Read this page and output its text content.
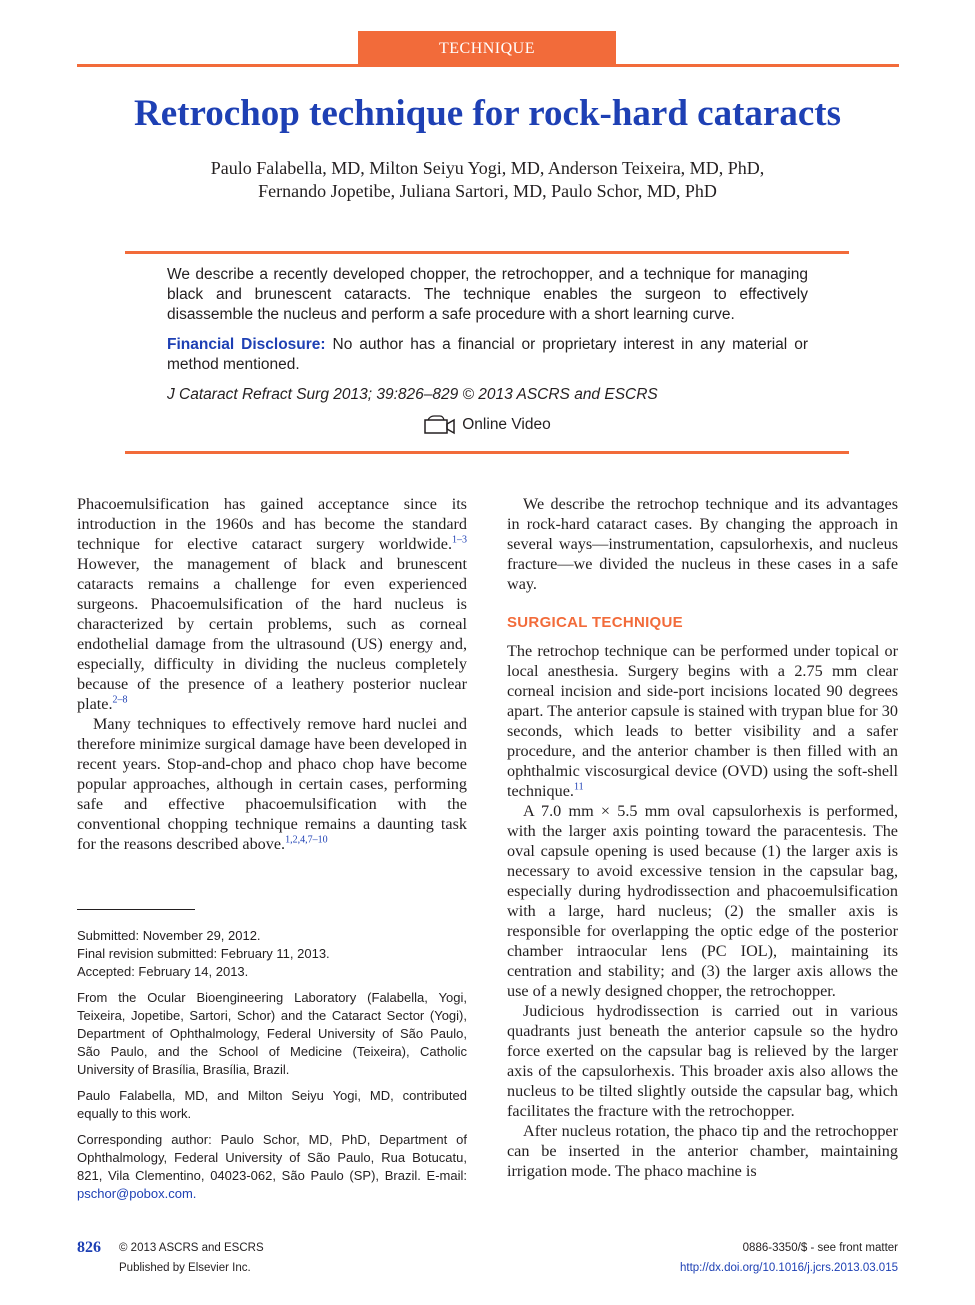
TECHNIQUE
Retrochop technique for rock-hard cataracts
Paulo Falabella, MD, Milton Seiyu Yogi, MD, Anderson Teixeira, MD, PhD,
Fernando Jopetibe, Juliana Sartori, MD, Paulo Schor, MD, PhD

We describe a recently developed chopper, the retrochopper, and a technique for managing black and brunescent cataracts. The technique enables the surgeon to effectively disassemble the nucleus and perform a safe procedure with a short learning curve.

Financial Disclosure: No author has a financial or proprietary interest in any material or method mentioned.

J Cataract Refract Surg 2013; 39:826–829 © 2013 ASCRS and ESCRS

Online Video

Phacoemulsification has gained acceptance since its introduction in the 1960s and has become the standard technique for elective cataract surgery worldwide.$^{1-3}$ However, the management of black and brunescent cataracts remains a challenge for even experienced surgeons. Phacoemulsification of the hard nucleus is characterized by certain problems, such as corneal endothelial damage from the ultrasound (US) energy and, especially, difficulty in dividing the nucleus completely because of the presence of a leathery posterior nuclear plate.$^{2-8}$

Many techniques to effectively remove hard nuclei and therefore minimize surgical damage have been developed in recent years. Stop-and-chop and phaco chop have become popular approaches, although in certain cases, performing safe and effective phacoemulsification with the conventional chopping technique remains a daunting task for the reasons described above.$^{1,2,4,7-10}$

Submitted: November 29, 2012.

Final revision submitted: February 11, 2013.

Accepted: February 14, 2013.

From the Ocular Bioengineering Laboratory (Falabella, Yogi, Teixeira, Jopetibe, Sartori, Schor) and the Cataract Sector (Yogi), Department of Ophthalmology, Federal University of São Paulo, São Paulo, and the School of Medicine (Teixeira), Catholic University of Brasília, Brasília, Brazil.

Paulo Falabella, MD, and Milton Seiyu Yogi, MD, contributed equally to this work.

Corresponding author: Paulo Schor, MD, PhD, Department of Ophthalmology, Federal University of São Paulo, Rua Botucatu, 821, Vila Clementino, 04023-062, São Paulo (SP), Brazil. E-mail: pschor@pobox.com.

We describe the retrochop technique and its advantages in rock-hard cataract cases. By changing the approach in several ways—instrumentation, capsulorhexis, and nucleus fracture—we divided the nucleus in these cases in a safe way.

SURGICAL TECHNIQUE

The retrochop technique can be performed under topical or local anesthesia. Surgery begins with a 2.75 mm clear corneal incision and side-port incisions located 90 degrees apart. The anterior capsule is stained with trypan blue for 30 seconds, which leads to better visibility and a safer procedure, and the anterior chamber is then filled with an ophthalmic viscosurgical device (OVD) using the soft-shell technique.$^{11}$

A 7.0 mm × 5.5 mm oval capsulorhexis is performed, with the larger axis pointing toward the paracentesis. The oval capsule opening is used because (1) the larger axis is necessary to avoid excessive tension in the capsular bag, especially during hydrodissection and phacoemulsification with a large, hard nucleus; (2) the smaller axis is responsible for overlapping the optic edge of the posterior chamber intraocular lens (PC IOL), maintaining its centration and stability; and (3) the larger axis allows the use of a newly designed chopper, the retrochopper.

Judicious hydrodissection is carried out in various quadrants just beneath the anterior capsule so the hydro force exerted on the capsular bag is relieved by the larger axis of the capsulorhexis. This broader axis also allows the nucleus to be tilted slightly outside the capsular bag, which facilitates the fracture with the retrochopper.

After nucleus rotation, the phaco tip and the retrochopper can be inserted in the anterior chamber, maintaining irrigation mode. The phaco machine is

826 © 2013 ASCRS and ESCRS
Published by Elsevier Inc.
0886-3350/$ - see front matter
http://dx.doi.org/10.1016/j.jcrs.2013.03.015
